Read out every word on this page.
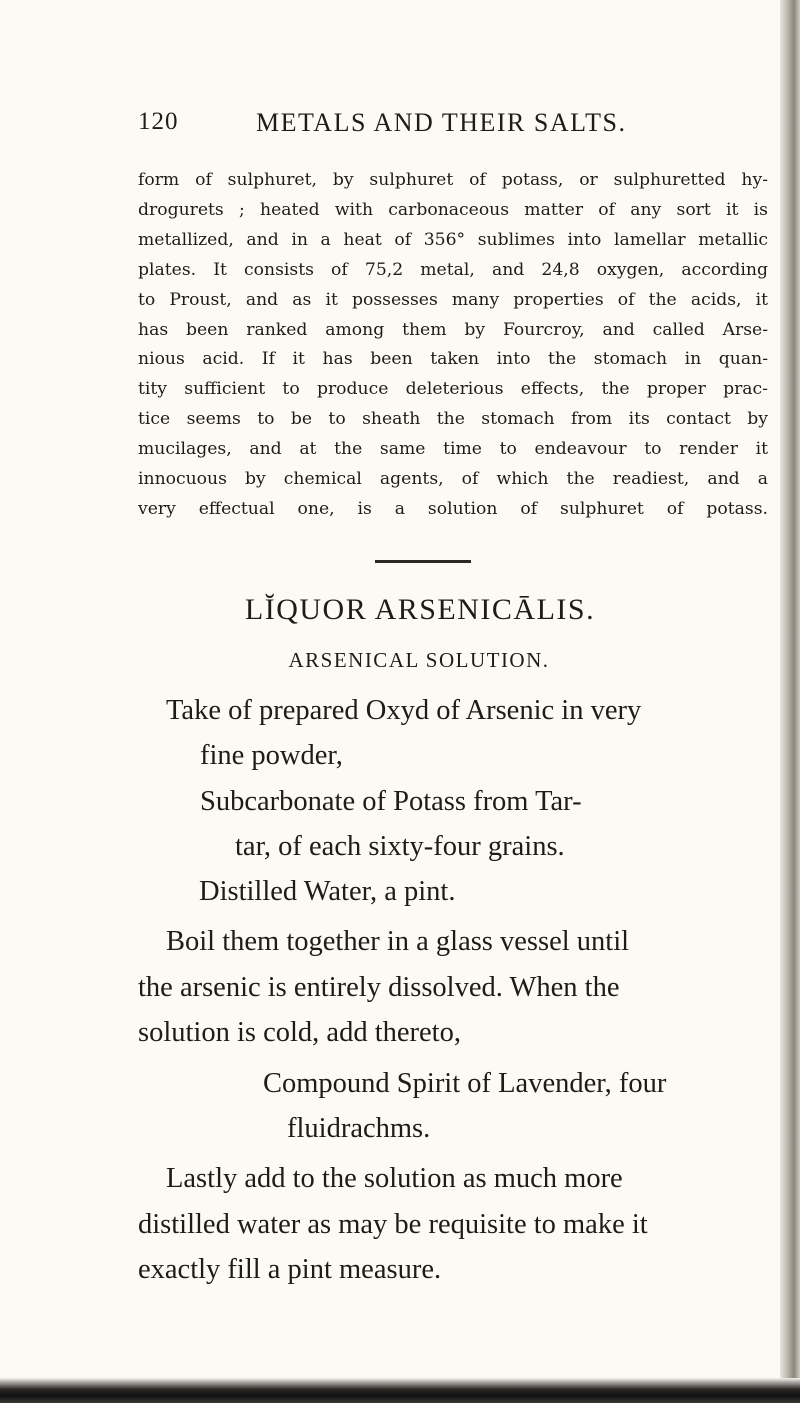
120	METALS AND THEIR SALTS.

form of sulphuret, by sulphuret of potass, or sulphuretted hy-
drogurets ; heated with carbonaceous matter of any sort it is
metallized, and in a heat of 356° sublimes into lamellar metallic
plates. It consists of 75,2 metal, and 24,8 oxygen, according
to Proust, and as it possesses many properties of the acids, it
has been ranked among them by Fourcroy, and called Arse-
nious acid. If it has been taken into the stomach in quan-
tity sufficient to produce deleterious effects, the proper prac-
tice seems to be to sheath the stomach from its contact by
mucilages, and at the same time to endeavour to render it
innocuous by chemical agents, of which the readiest, and a
very effectual one, is a solution of sulphuret of potass.

LĬQUOR ARSENICĀLIS.
ARSENICAL SOLUTION.
Take of prepared Oxyd of Arsenic in very
fine powder,
Subcarbonate of Potass from Tar-
tar, of each sixty-four grains.
Distilled Water, a pint.
Boil them together in a glass vessel until
the arsenic is entirely dissolved. When the
solution is cold, add thereto,
Compound Spirit of Lavender, four
fluidrachms.
Lastly add to the solution as much more
distilled water as may be requisite to make it
exactly fill a pint measure.
